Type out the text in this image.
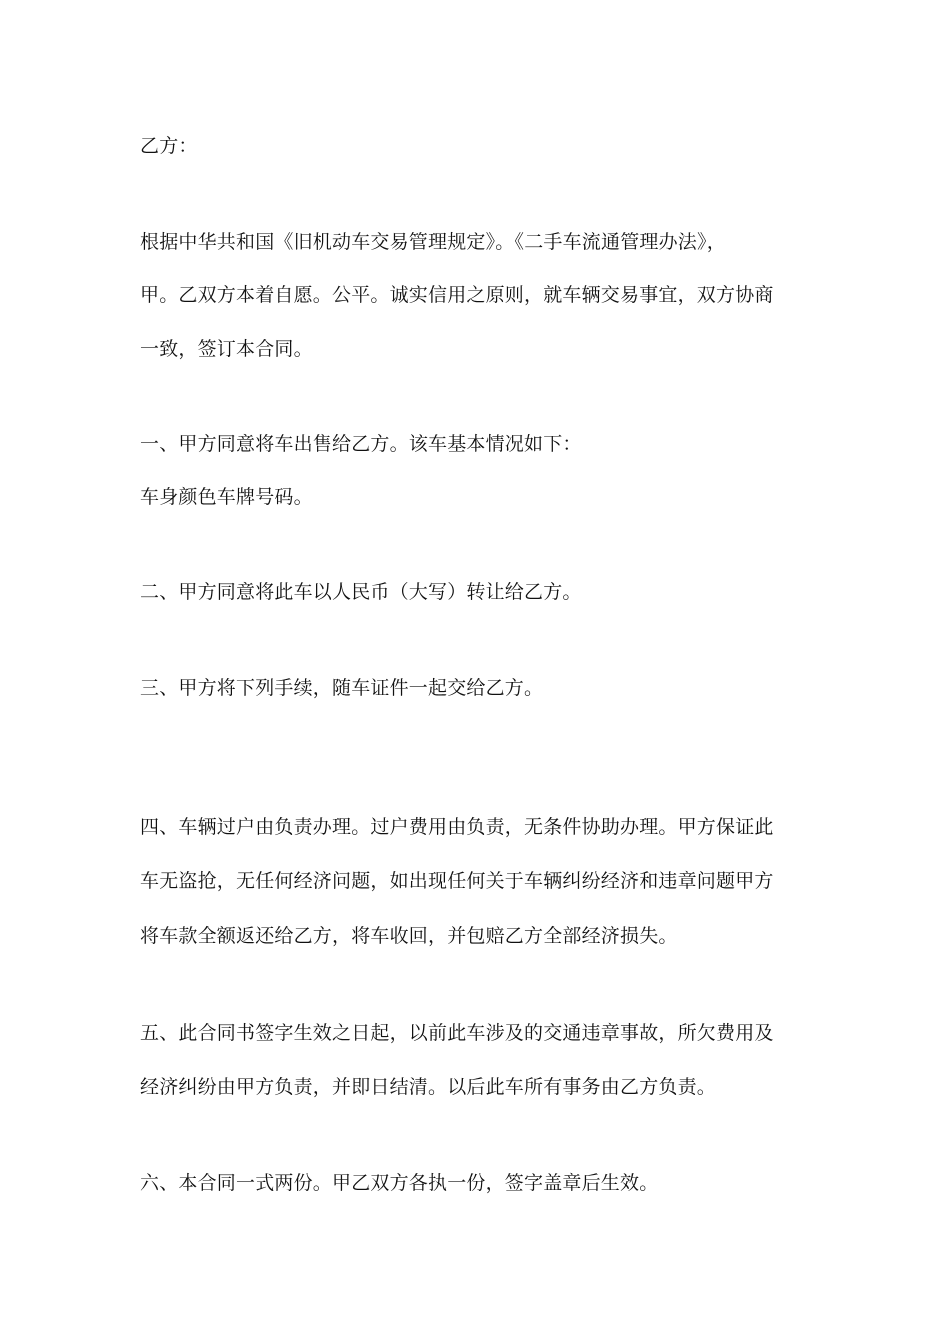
乙方：

根据中华共和国《旧机动车交易管理规定》。《二手车流通管理办法》，

甲。乙双方本着自愿。公平。诚实信用之原则，就车辆交易事宜，双方协商

一致，签订本合同。

一、甲方同意将车出售给乙方。该车基本情况如下：

车身颜色车牌号码。

二、甲方同意将此车以人民币（大写）转让给乙方。

三、甲方将下列手续，随车证件一起交给乙方。

四、车辆过户由负责办理。过户费用由负责，无条件协助办理。甲方保证此

车无盗抢，无任何经济问题，如出现任何关于车辆纠纷经济和违章问题甲方

将车款全额返还给乙方，将车收回，并包赔乙方全部经济损失。

五、此合同书签字生效之日起，以前此车涉及的交通违章事故，所欠费用及

经济纠纷由甲方负责，并即日结清。以后此车所有事务由乙方负责。

六、本合同一式两份。甲乙双方各执一份，签字盖章后生效。
